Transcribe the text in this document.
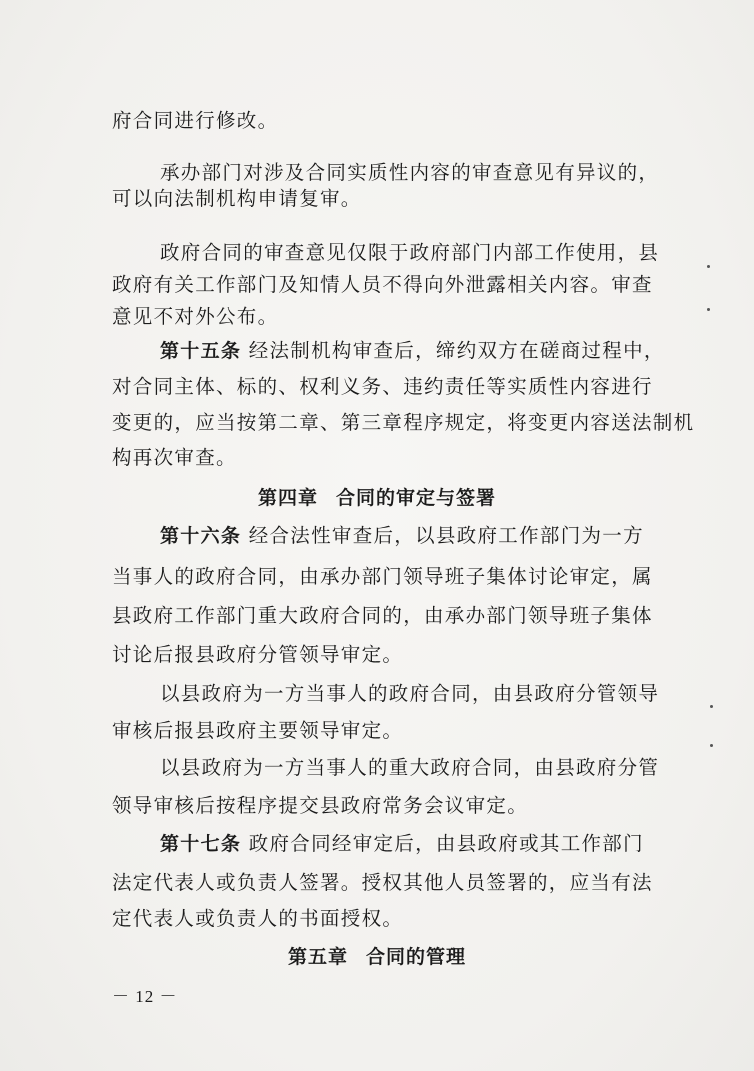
府合同进行修改。
承办部门对涉及合同实质性内容的审查意见有异议的，
可以向法制机构申请复审。
政府合同的审查意见仅限于政府部门内部工作使用，县
政府有关工作部门及知情人员不得向外泄露相关内容。审查
意见不对外公布。
第十五条 经法制机构审查后，缔约双方在磋商过程中，
对合同主体、标的、权利义务、违约责任等实质性内容进行
变更的，应当按第二章、第三章程序规定，将变更内容送法制机
构再次审查。
第四章 合同的审定与签署
第十六条 经合法性审查后，以县政府工作部门为一方
当事人的政府合同，由承办部门领导班子集体讨论审定，属
县政府工作部门重大政府合同的，由承办部门领导班子集体
讨论后报县政府分管领导审定。
以县政府为一方当事人的政府合同，由县政府分管领导
审核后报县政府主要领导审定。
以县政府为一方当事人的重大政府合同，由县政府分管
领导审核后按程序提交县政府常务会议审定。
第十七条 政府合同经审定后，由县政府或其工作部门
法定代表人或负责人签署。授权其他人员签署的，应当有法
定代表人或负责人的书面授权。
第五章 合同的管理
－ 12 －
